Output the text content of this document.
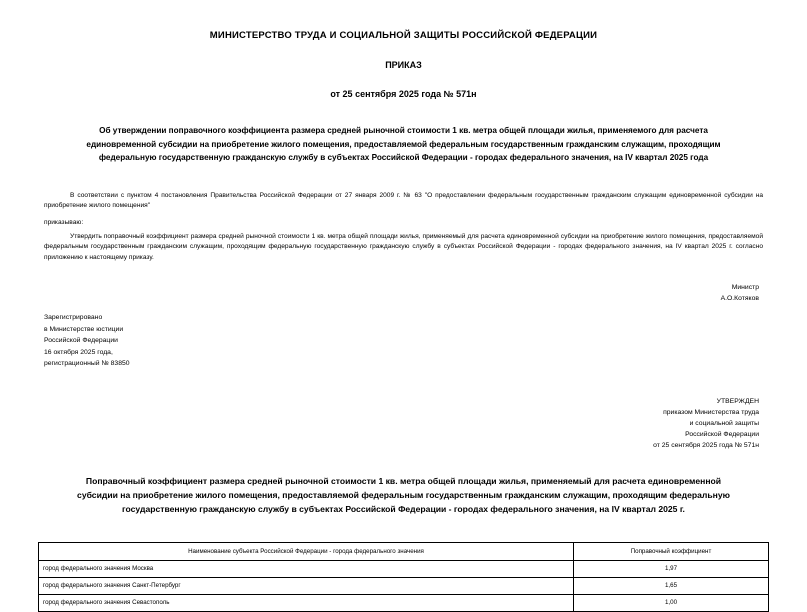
МИНИСТЕРСТВО ТРУДА И СОЦИАЛЬНОЙ ЗАЩИТЫ РОССИЙСКОЙ ФЕДЕРАЦИИ
ПРИКАЗ
от 25 сентября 2025 года № 571н
Об утверждении поправочного коэффициента размера средней рыночной стоимости 1 кв. метра общей площади жилья, применяемого для расчета единовременной субсидии на приобретение жилого помещения, предоставляемой федеральным государственным гражданским служащим, проходящим федеральную государственную гражданскую службу в субъектах Российской Федерации - городах федерального значения, на IV квартал 2025 года
В соответствии с пунктом 4 постановления Правительства Российской Федерации от 27 января 2009 г. № 63 "О предоставлении федеральным государственным гражданским служащим единовременной субсидии на приобретение жилого помещения"
приказываю:
Утвердить поправочный коэффициент размера средней рыночной стоимости 1 кв. метра общей площади жилья, применяемый для расчета единовременной субсидии на приобретение жилого помещения, предоставляемой федеральным государственным гражданским служащим, проходящим федеральную государственную гражданскую службу в субъектах Российской Федерации - городах федерального значения, на IV квартал 2025 г. согласно приложению к настоящему приказу.
Министр
А.О.Котяков
Зарегистрировано
в Министерстве юстиции
Российской Федерации
16 октября 2025 года,
регистрационный № 83850
УТВЕРЖДЕН
приказом Министерства труда
и социальной защиты
Российской Федерации
от 25 сентября 2025 года № 571н
Поправочный коэффициент размера средней рыночной стоимости 1 кв. метра общей площади жилья, применяемый для расчета единовременной субсидии на приобретение жилого помещения, предоставляемой федеральным государственным гражданским служащим, проходящим федеральную государственную гражданскую службу в субъектах Российской Федерации - городах федерального значения, на IV квартал 2025 г.
Наименование субъекта Российской Федерации - города федерального значения	Поправочный коэффициент
город федерального значения Москва	1,97
город федерального значения Санкт-Петербург	1,65
город федерального значения Севастополь	1,00
